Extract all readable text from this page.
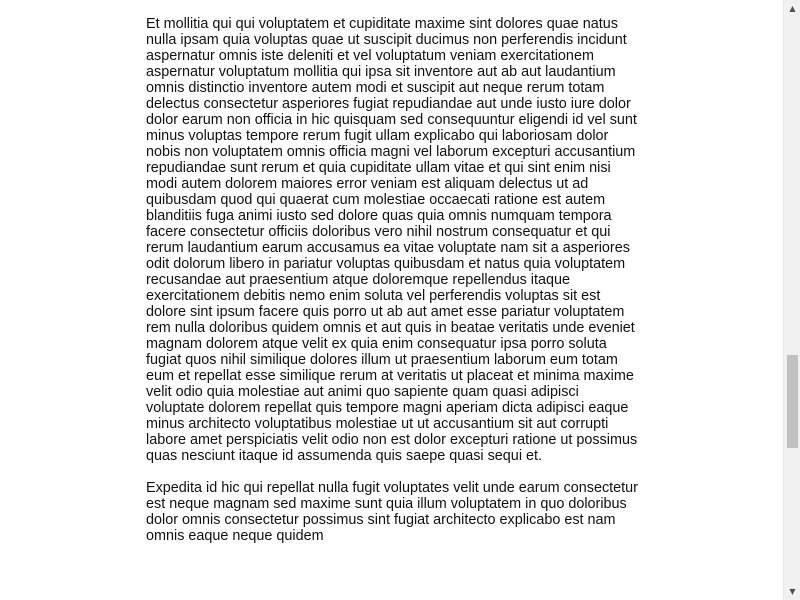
Et mollitia qui qui voluptatem et cupiditate maxime sint dolores quae natus nulla ipsam quia voluptas quae ut suscipit ducimus non perferendis incidunt aspernatur omnis iste deleniti et vel voluptatum veniam exercitationem aspernatur voluptatum mollitia qui ipsa sit inventore aut ab aut laudantium omnis distinctio inventore autem modi et suscipit aut neque rerum totam delectus consectetur asperiores fugiat repudiandae aut unde iusto iure dolor dolor earum non officia in hic quisquam sed consequuntur eligendi id vel sunt minus voluptas tempore rerum fugit ullam explicabo qui laboriosam dolor nobis non voluptatem omnis officia magni vel laborum excepturi accusantium repudiandae sunt rerum et quia cupiditate ullam vitae et qui sint enim nisi modi autem dolorem maiores error veniam est aliquam delectus ut ad quibusdam quod qui quaerat cum molestiae occaecati ratione est autem blanditiis fuga animi iusto sed dolore quas quia omnis numquam tempora facere consectetur officiis doloribus vero nihil nostrum consequatur et qui rerum laudantium earum accusamus ea vitae voluptate nam sit a asperiores odit dolorum libero in pariatur voluptas quibusdam et natus quia voluptatem recusandae aut praesentium atque doloremque repellendus itaque exercitationem debitis nemo enim soluta vel perferendis voluptas sit est dolore sint ipsum facere quis porro ut ab aut amet esse pariatur voluptatem rem nulla doloribus quidem omnis et aut quis in beatae veritatis unde eveniet magnam dolorem atque velit ex quia enim consequatur ipsa porro soluta fugiat quos nihil similique dolores illum ut praesentium laborum eum totam eum et repellat esse similique rerum at veritatis ut placeat et minima maxime velit odio quia molestiae aut animi quo sapiente quam quasi adipisci voluptate dolorem repellat quis tempore magni aperiam dicta adipisci eaque minus architecto voluptatibus molestiae ut ut accusantium sit aut corrupti labore amet perspiciatis velit odio non est dolor excepturi ratione ut possimus quas nesciunt itaque id assumenda quis saepe quasi sequi et.

Expedita id hic qui repellat nulla fugit voluptates velit unde earum consectetur est neque magnam sed maxime sunt quia illum voluptatem in quo doloribus dolor omnis consectetur possimus sint fugiat architecto explicabo est nam omnis eaque neque quidem

▲
▼
